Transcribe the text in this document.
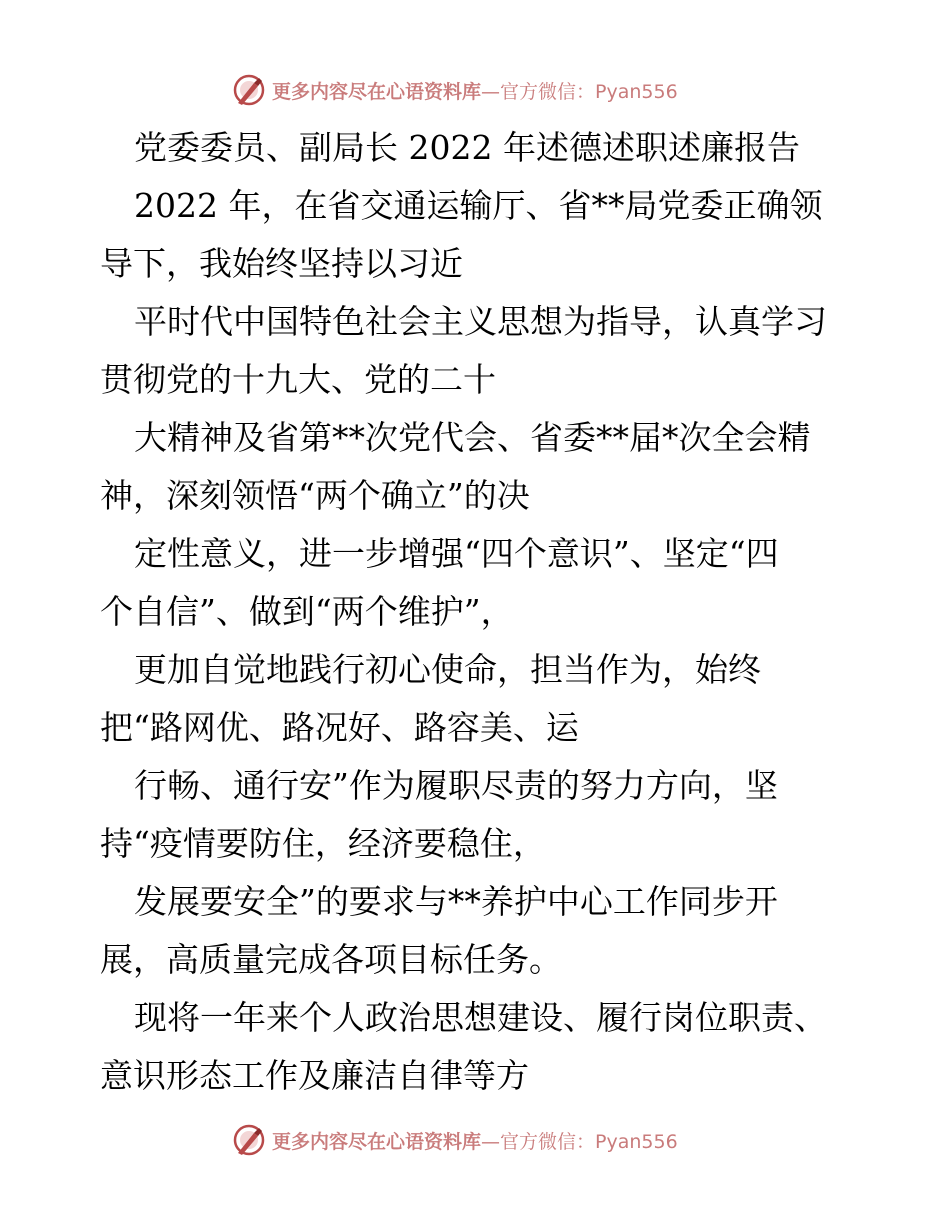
更多内容尽在心语资料库 —官方微信：Pyan556
党委委员、副局长 2022 年述德述职述廉报告
2022 年，在省交通运输厅、省**局党委正确领
导下，我始终坚持以习近
平时代中国特色社会主义思想为指导，认真学习
贯彻党的十九大、党的二十
大精神及省第**次党代会、省委**届*次全会精
神，深刻领悟“两个确立”的决
定性意义，进一步增强“四个意识”、坚定“四
个自信”、做到“两个维护”，
更加自觉地践行初心使命，担当作为，始终
把“路网优、路况好、路容美、运
行畅、通行安”作为履职尽责的努力方向，坚
持“疫情要防住，经济要稳住，
发展要安全”的要求与**养护中心工作同步开
展，高质量完成各项目标任务。
现将一年来个人政治思想建设、履行岗位职责、
意识形态工作及廉洁自律等方
更多内容尽在心语资料库 —官方微信：Pyan556
